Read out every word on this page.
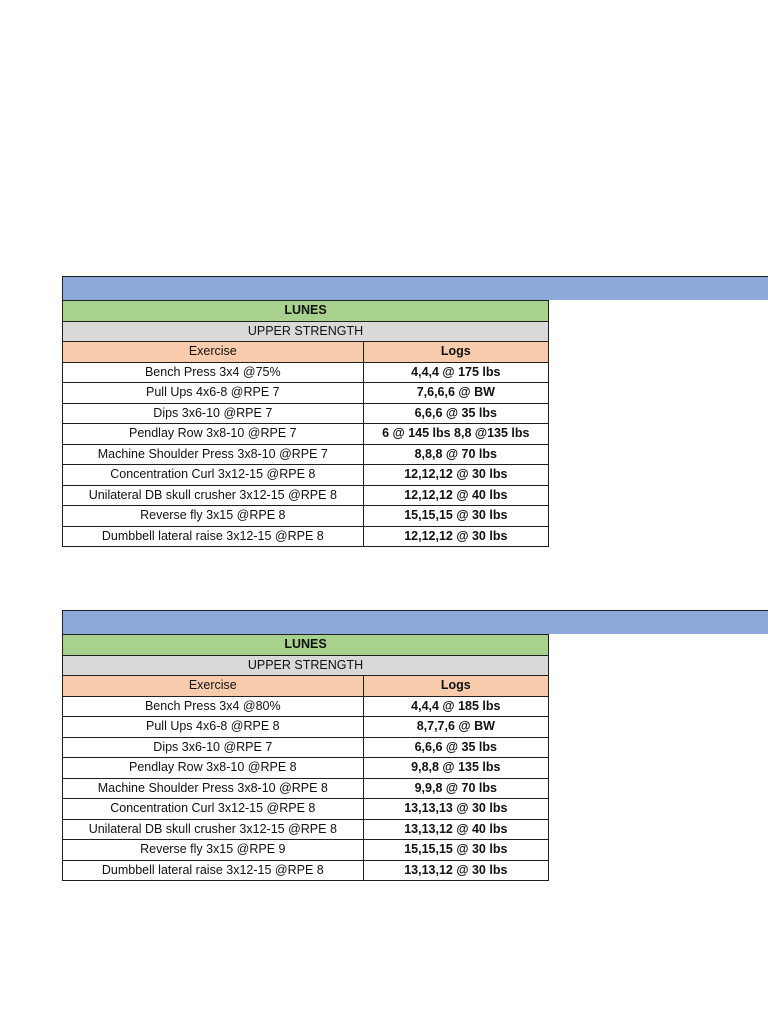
LUNES	
UPPER STRENGTH	
Exercise	Logs
Bench Press 3x4 @75%	4,4,4 @ 175 lbs
Pull Ups 4x6-8 @RPE 7	7,6,6,6 @ BW
Dips 3x6-10 @RPE 7	6,6,6 @ 35 lbs
Pendlay Row 3x8-10 @RPE 7	6 @ 145 lbs 8,8 @135 lbs
Machine Shoulder Press 3x8-10 @RPE 7	8,8,8 @ 70 lbs
Concentration Curl 3x12-15 @RPE 8	12,12,12 @ 30 lbs
Unilateral DB skull crusher 3x12-15 @RPE 8	12,12,12 @ 40 lbs
Reverse fly 3x15 @RPE 8	15,15,15 @ 30 lbs
Dumbbell lateral raise 3x12-15 @RPE 8	12,12,12 @ 30 lbs
LUNES	
UPPER STRENGTH	
Exercise	Logs
Bench Press 3x4 @80%	4,4,4 @ 185 lbs
Pull Ups 4x6-8 @RPE 8	8,7,7,6 @ BW
Dips 3x6-10 @RPE 7	6,6,6 @ 35 lbs
Pendlay Row 3x8-10 @RPE 8	9,8,8 @ 135 lbs
Machine Shoulder Press 3x8-10 @RPE 8	9,9,8 @ 70 lbs
Concentration Curl 3x12-15 @RPE 8	13,13,13 @ 30 lbs
Unilateral DB skull crusher 3x12-15 @RPE 8	13,13,12 @ 40 lbs
Reverse fly 3x15 @RPE 9	15,15,15 @ 30 lbs
Dumbbell lateral raise 3x12-15 @RPE 8	13,13,12 @ 30 lbs
